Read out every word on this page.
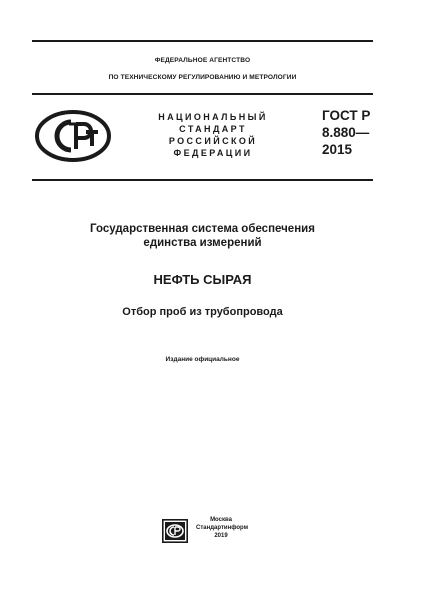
ФЕДЕРАЛЬНОЕ АГЕНТСТВО
ПО ТЕХНИЧЕСКОМУ РЕГУЛИРОВАНИЮ И МЕТРОЛОГИИ
НАЦИОНАЛЬНЫЙ
СТАНДАРТ
РОССИЙСКОЙ
ФЕДЕРАЦИИ
ГОСТ Р
8.880—
2015
Государственная система обеспечения
единства измерений
НЕФТЬ СЫРАЯ
Отбор проб из трубопровода
Издание официальное
Москва
Стандартинформ
2019
